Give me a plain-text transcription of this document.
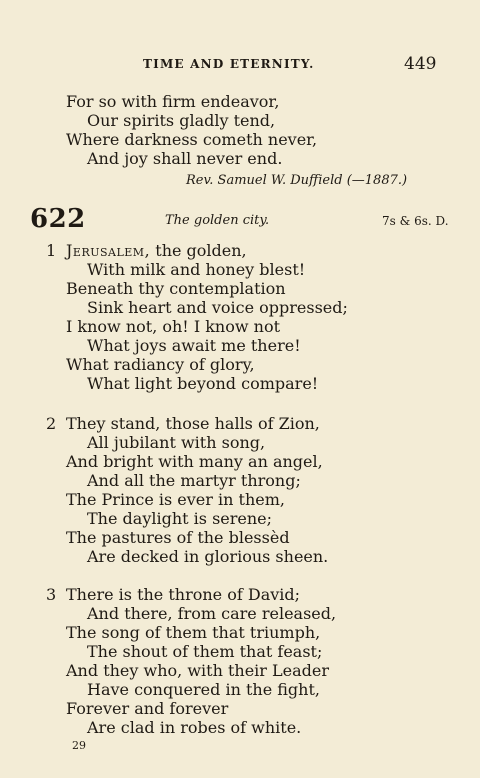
TIME AND ETERNITY.	449
For so with firm endeavor,
Our spirits gladly tend,
Where darkness cometh never,
And joy shall never end.
Rev. Samuel W. Duffield (—1887.)
622	The golden city.	7s & 6s. D.
1 Jerusalem, the golden,
With milk and honey blest!
Beneath thy contemplation
Sink heart and voice oppressed;
I know not, oh! I know not
What joys await me there!
What radiancy of glory,
What light beyond compare!
2 They stand, those halls of Zion,
All jubilant with song,
And bright with many an angel,
And all the martyr throng;
The Prince is ever in them,
The daylight is serene;
The pastures of the blessèd
Are decked in glorious sheen.
3 There is the throne of David;
And there, from care released,
The song of them that triumph,
The shout of them that feast;
And they who, with their Leader
Have conquered in the fight,
Forever and forever
Are clad in robes of white.
29
